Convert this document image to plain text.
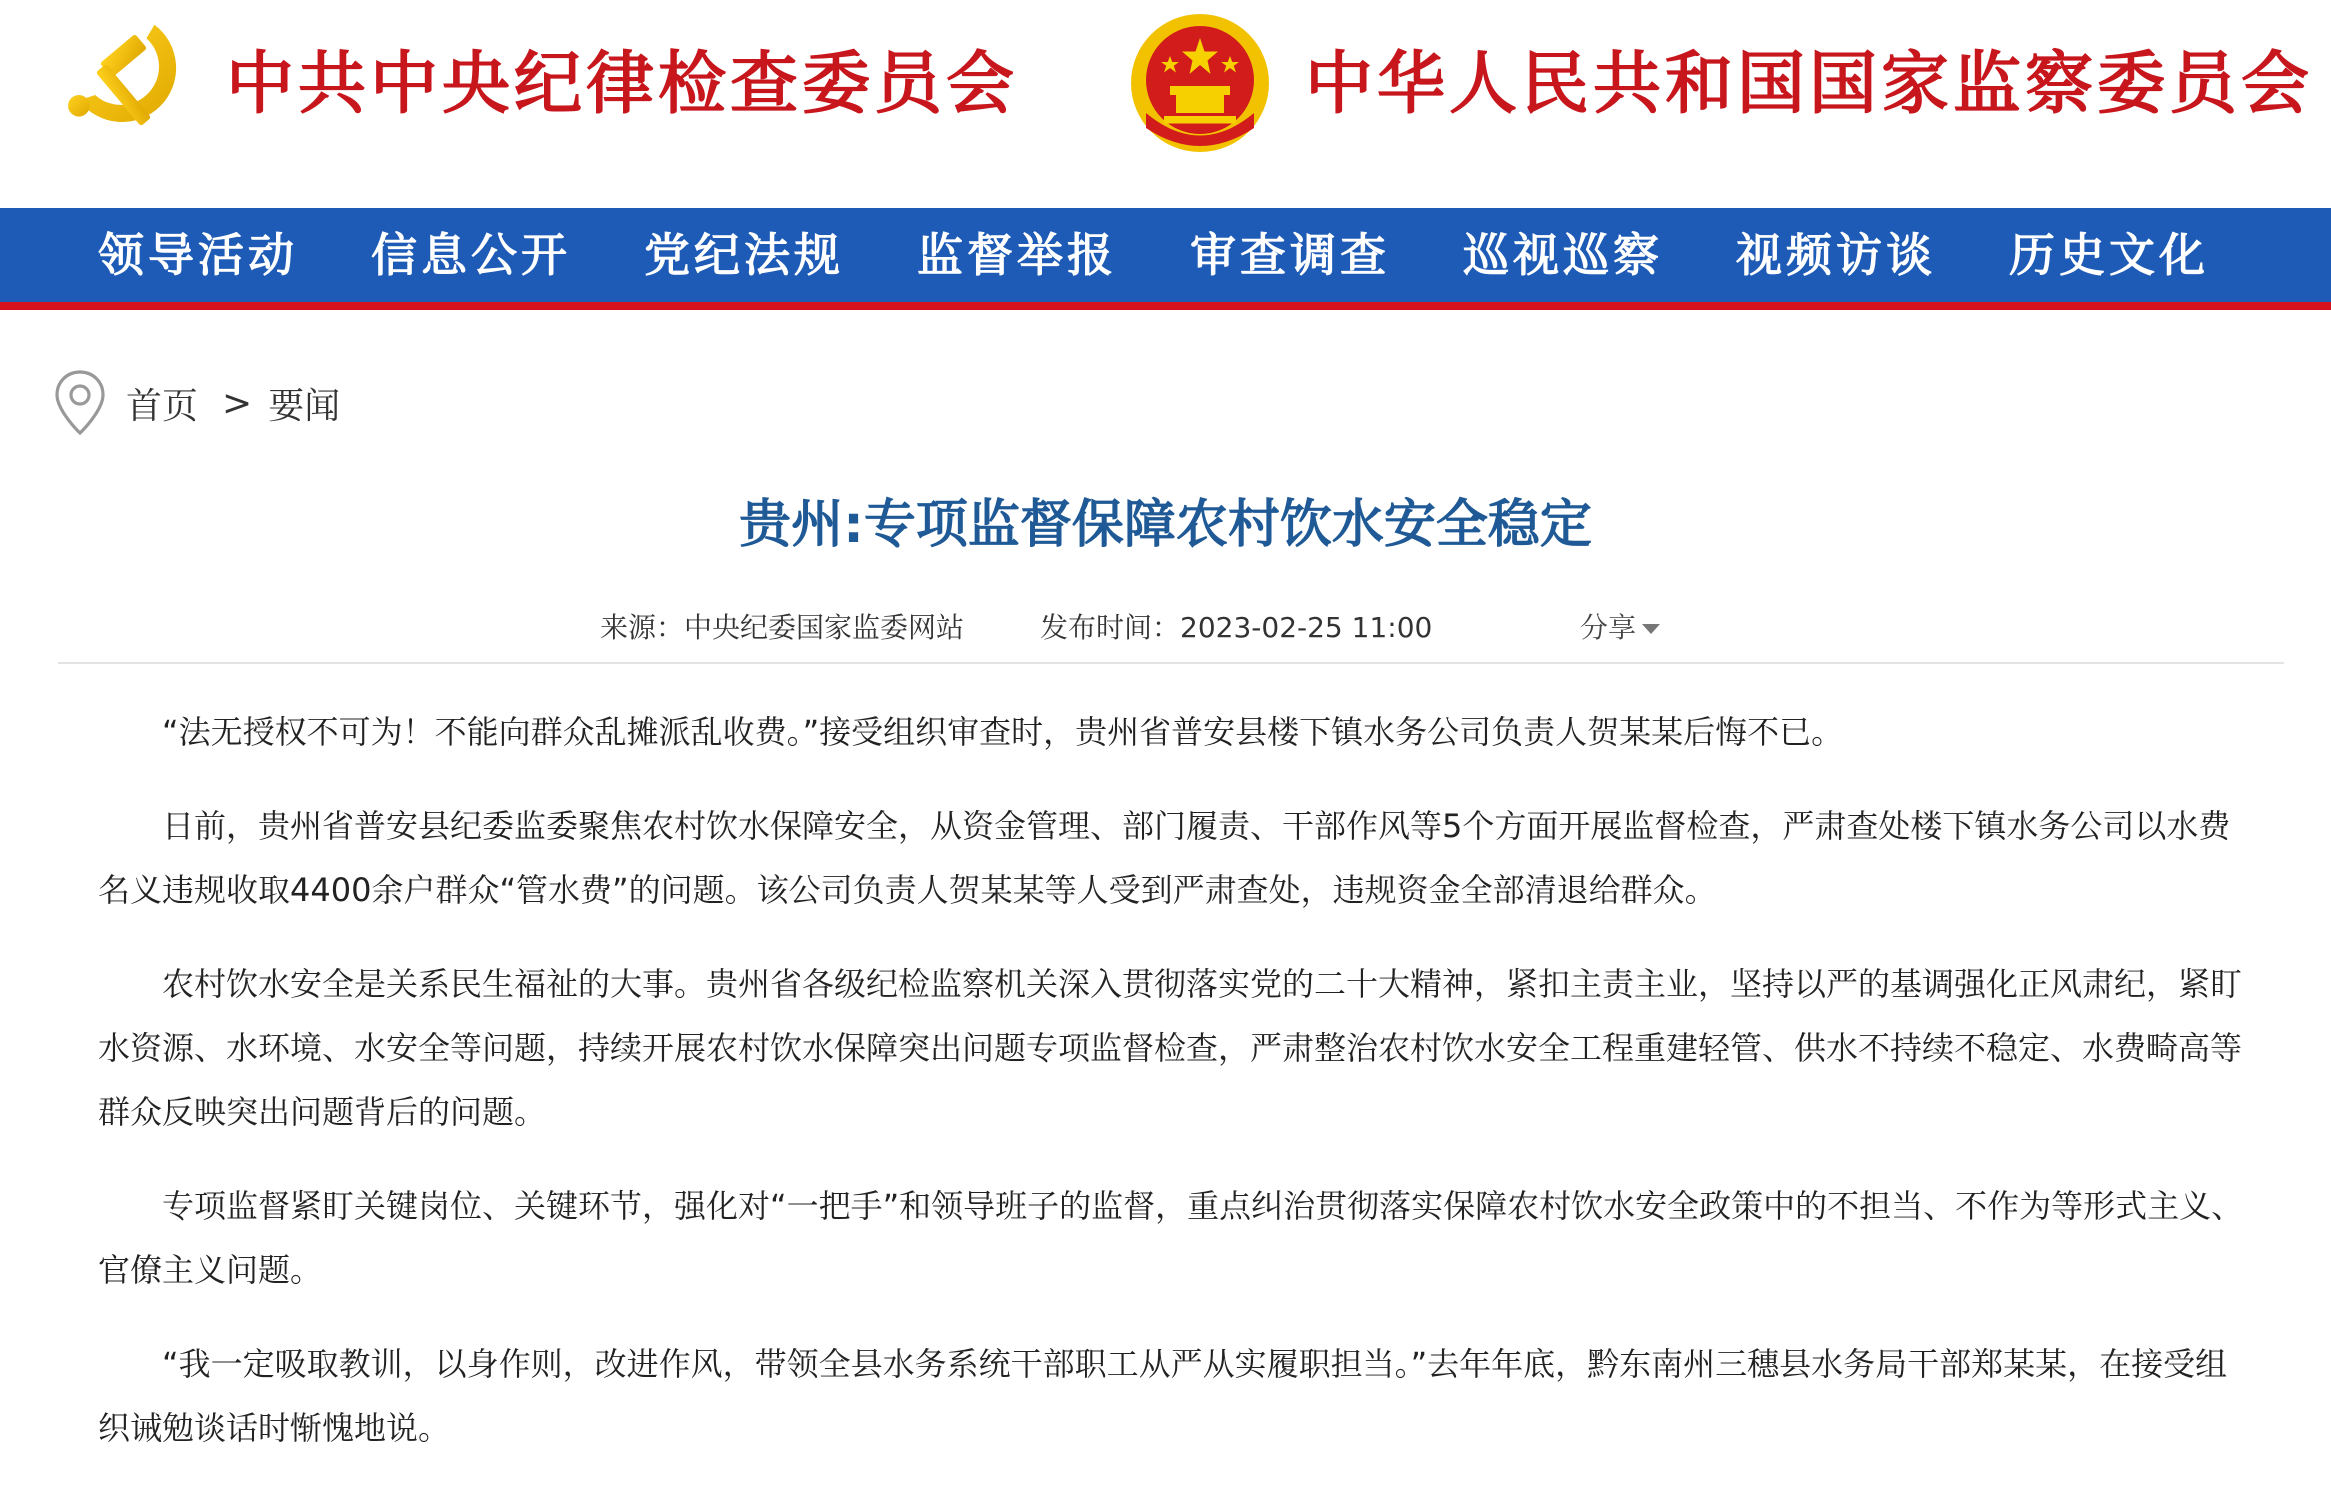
中共中央纪律检查委员会	中华人民共和国国家监察委员会
领导活动	信息公开	党纪法规	监督举报	审查调查	巡视巡察	视频访谈	历史文化
首页 > 要闻
贵州:专项监督保障农村饮水安全稳定
来源：中央纪委国家监委网站	发布时间：2023-02-25 11:00	分享

“法无授权不可为！不能向群众乱摊派乱收费。”接受组织审查时，贵州省普安县楼下镇水务公司负责人贺某某后悔不已。

日前，贵州省普安县纪委监委聚焦农村饮水保障安全，从资金管理、部门履责、干部作风等5个方面开展监督检查，严肃查处楼下镇水务公司以水费名义违规收取4400余户群众“管水费”的问题。该公司负责人贺某某等人受到严肃查处，违规资金全部清退给群众。

农村饮水安全是关系民生福祉的大事。贵州省各级纪检监察机关深入贯彻落实党的二十大精神，紧扣主责主业，坚持以严的基调强化正风肃纪，紧盯水资源、水环境、水安全等问题，持续开展农村饮水保障突出问题专项监督检查，严肃整治农村饮水安全工程重建轻管、供水不持续不稳定、水费畸高等群众反映突出问题背后的问题。

专项监督紧盯关键岗位、关键环节，强化对“一把手”和领导班子的监督，重点纠治贯彻落实保障农村饮水安全政策中的不担当、不作为等形式主义、官僚主义问题。

“我一定吸取教训，以身作则，改进作风，带领全县水务系统干部职工从严从实履职担当。”去年年底，黔东南州三穗县水务局干部郑某某，在接受组织诫勉谈话时惭愧地说。
